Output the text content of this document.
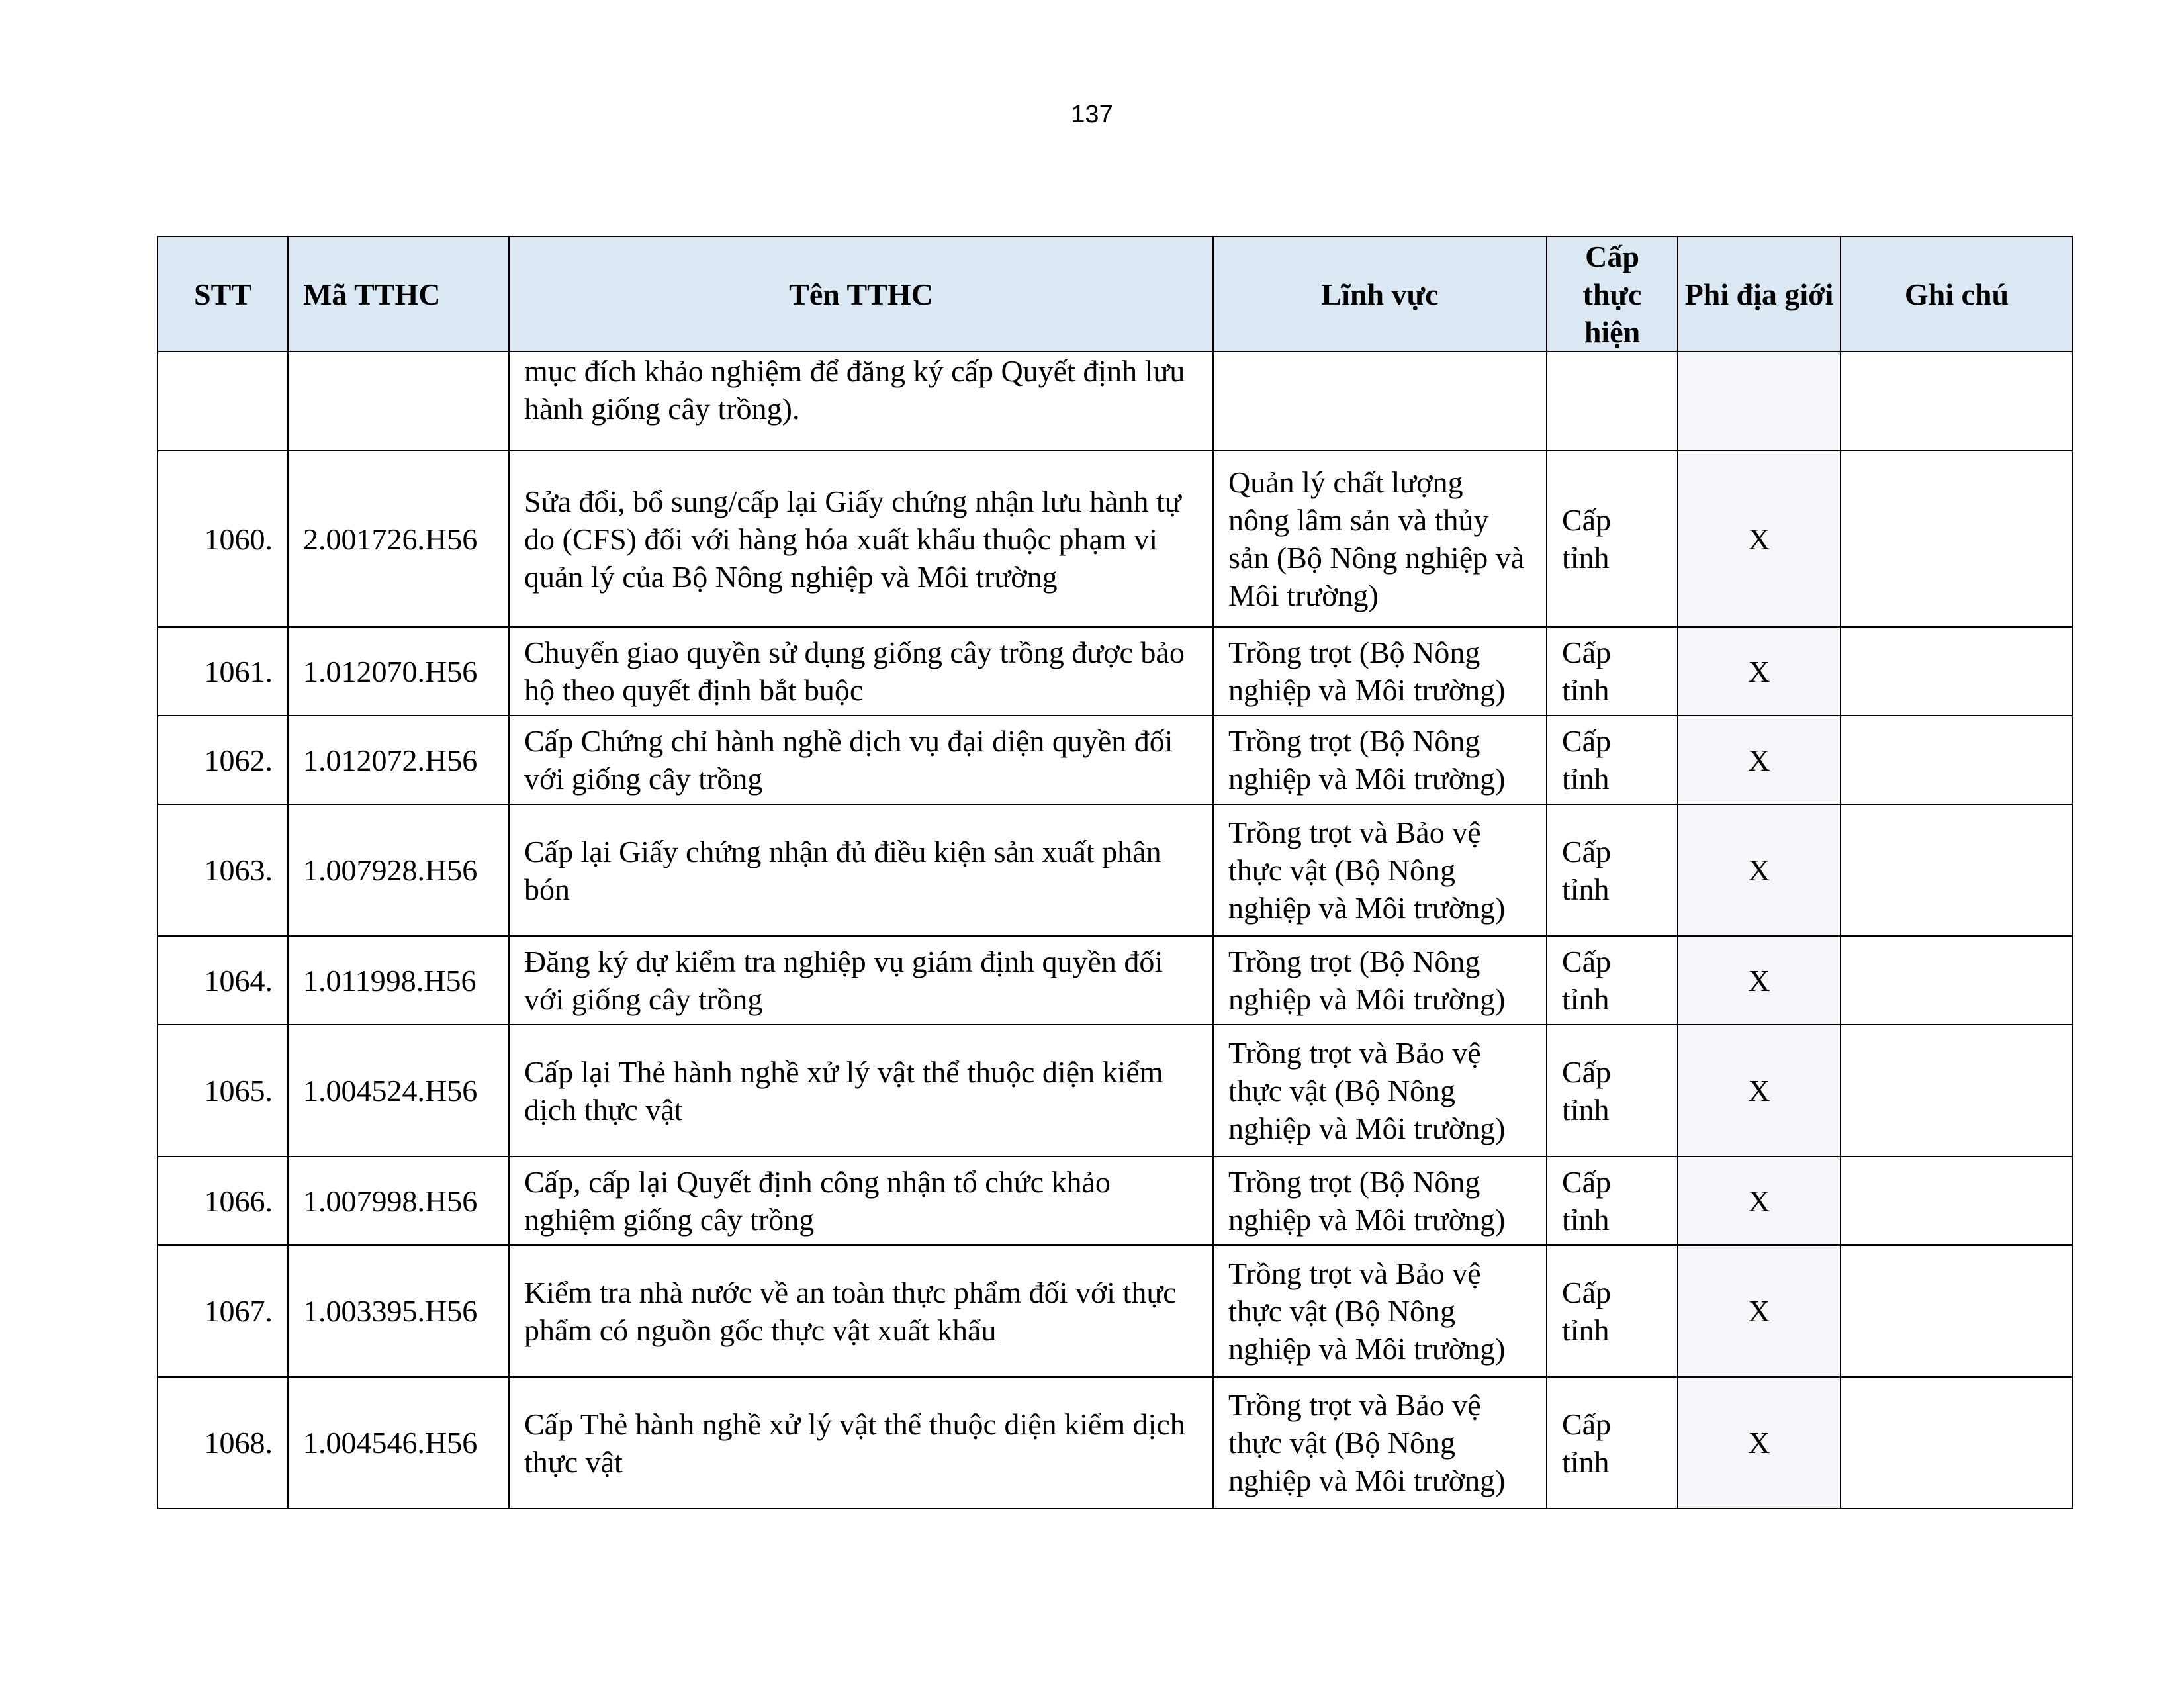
137
STT	Mã TTHC	Tên TTHC	Lĩnh vực	Cấp thực hiện	Phi địa giới	Ghi chú
		mục đích khảo nghiệm để đăng ký cấp Quyết định lưu hành giống cây trồng).				
1060.	2.001726.H56	Sửa đổi, bổ sung/cấp lại Giấy chứng nhận lưu hành tự do (CFS) đối với hàng hóa xuất khẩu thuộc phạm vi quản lý của Bộ Nông nghiệp và Môi trường	Quản lý chất lượng nông lâm sản và thủy sản (Bộ Nông nghiệp và Môi trường)	Cấp tỉnh	X	
1061.	1.012070.H56	Chuyển giao quyền sử dụng giống cây trồng được bảo hộ theo quyết định bắt buộc	Trồng trọt (Bộ Nông nghiệp và Môi trường)	Cấp tỉnh	X	
1062.	1.012072.H56	Cấp Chứng chỉ hành nghề dịch vụ đại diện quyền đối với giống cây trồng	Trồng trọt (Bộ Nông nghiệp và Môi trường)	Cấp tỉnh	X	
1063.	1.007928.H56	Cấp lại Giấy chứng nhận đủ điều kiện sản xuất phân bón	Trồng trọt và Bảo vệ thực vật (Bộ Nông nghiệp và Môi trường)	Cấp tỉnh	X	
1064.	1.011998.H56	Đăng ký dự kiểm tra nghiệp vụ giám định quyền đối với giống cây trồng	Trồng trọt (Bộ Nông nghiệp và Môi trường)	Cấp tỉnh	X	
1065.	1.004524.H56	Cấp lại Thẻ hành nghề xử lý vật thể thuộc diện kiểm dịch thực vật	Trồng trọt và Bảo vệ thực vật (Bộ Nông nghiệp và Môi trường)	Cấp tỉnh	X	
1066.	1.007998.H56	Cấp, cấp lại Quyết định công nhận tổ chức khảo nghiệm giống cây trồng	Trồng trọt (Bộ Nông nghiệp và Môi trường)	Cấp tỉnh	X	
1067.	1.003395.H56	Kiểm tra nhà nước về an toàn thực phẩm đối với thực phẩm có nguồn gốc thực vật xuất khẩu	Trồng trọt và Bảo vệ thực vật (Bộ Nông nghiệp và Môi trường)	Cấp tỉnh	X	
1068.	1.004546.H56	Cấp Thẻ hành nghề xử lý vật thể thuộc diện kiểm dịch thực vật	Trồng trọt và Bảo vệ thực vật (Bộ Nông nghiệp và Môi trường)	Cấp tỉnh	X	
